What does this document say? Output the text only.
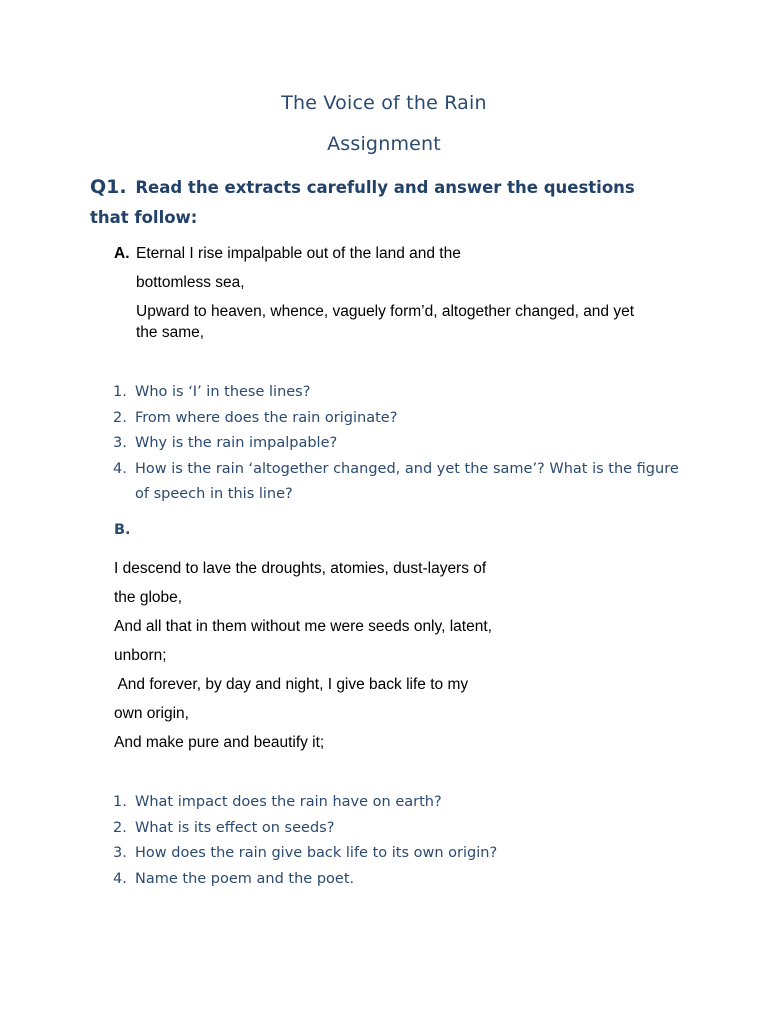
The Voice of the Rain
Assignment
Q1. Read the extracts carefully and answer the questions that follow:
A. Eternal I rise impalpable out of the land and the
bottomless sea,
Upward to heaven, whence, vaguely form’d, altogether changed, and yet
the same,
1. Who is ‘I’ in these lines?
2. From where does the rain originate?
3. Why is the rain impalpable?
4. How is the rain ‘altogether changed, and yet the same’? What is the figure of speech in this line?
B.
I descend to lave the droughts, atomies, dust-layers of
the globe,
And all that in them without me were seeds only, latent,
unborn;
And forever, by day and night, I give back life to my
own origin,
And make pure and beautify it;
1. What impact does the rain have on earth?
2. What is its effect on seeds?
3. How does the rain give back life to its own origin?
4. Name the poem and the poet.
